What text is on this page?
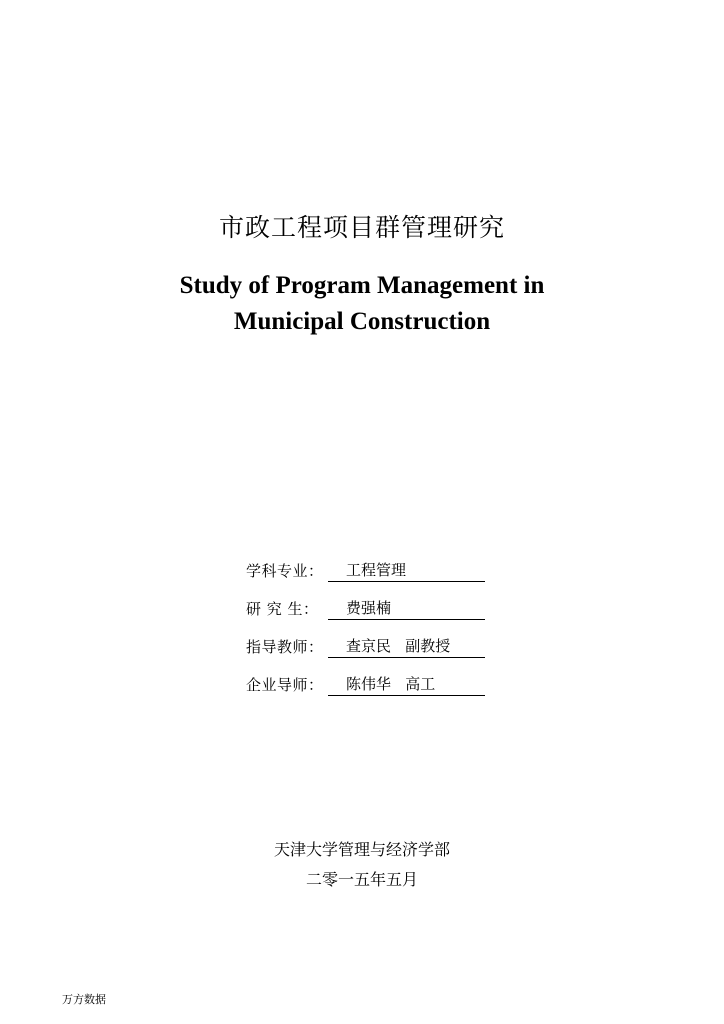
市政工程项目群管理研究
Study of Program Management in
Municipal Construction
学科专业：	工程管理
研 究 生：	费强楠
指导教师：	查京民   副教授
企业导师：	陈伟华   高工
天津大学管理与经济学部
二零一五年五月
万方数据
